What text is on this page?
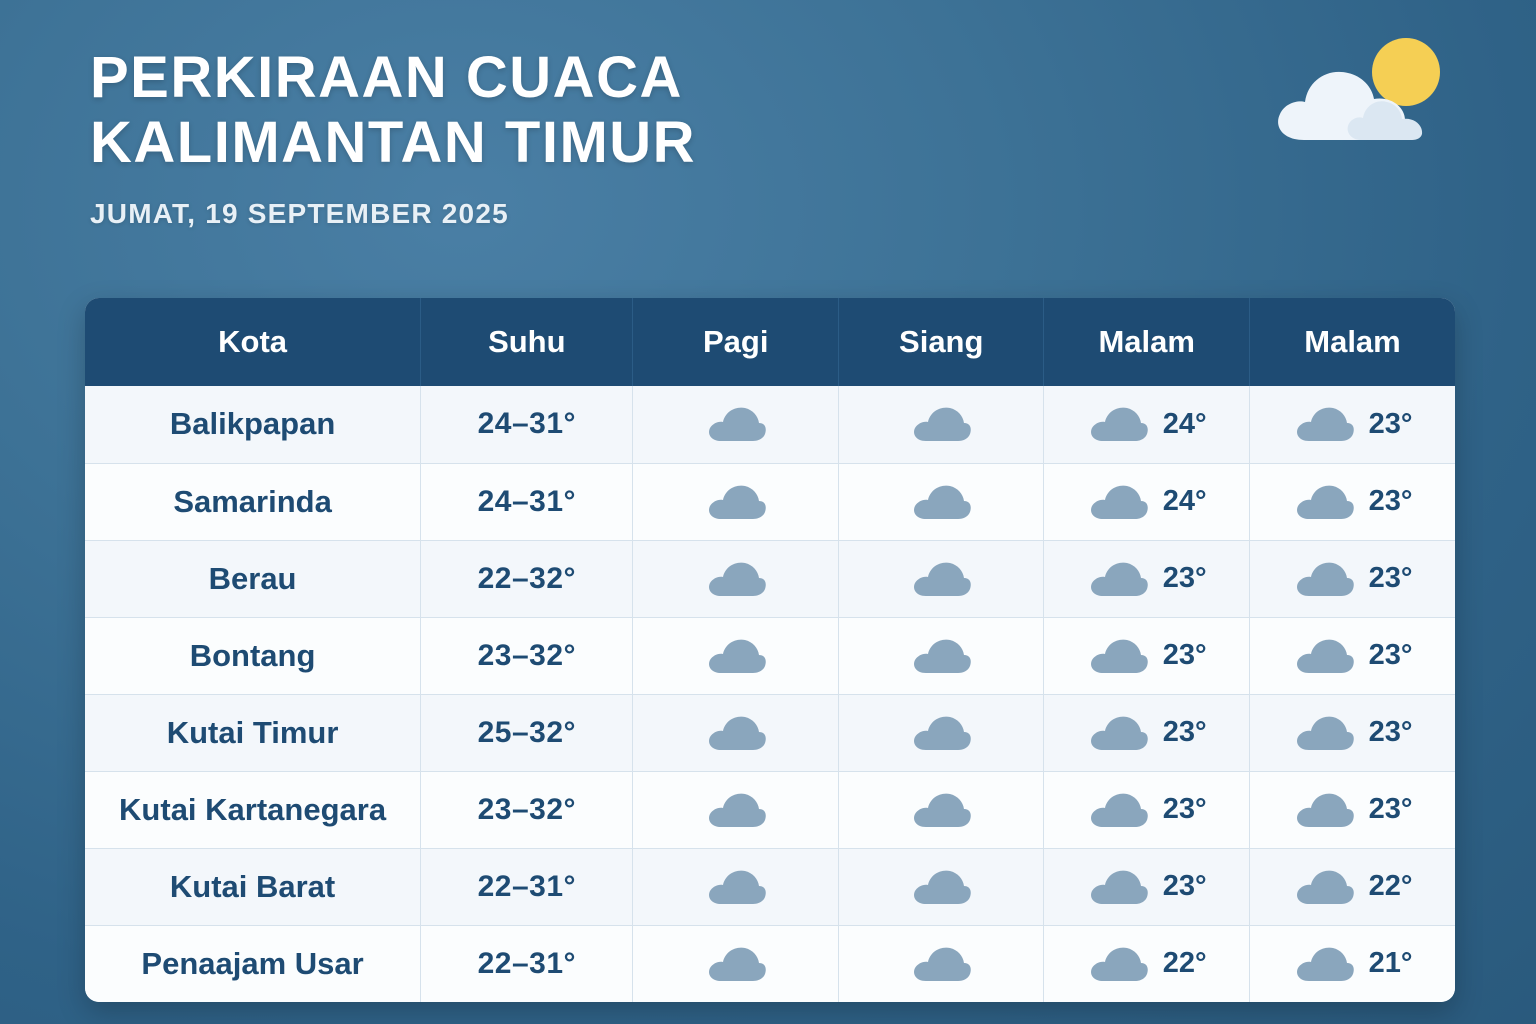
PERKIRAAN CUACA
KALIMANTAN TIMUR
JUMAT, 19 SEPTEMBER 2025
Kota	Suhu	Pagi	Siang	Malam	Malam
Balikpapan	24–31°			24°	23°

Samarinda	24–31°			24°	23°

Berau	22–32°			23°	23°

Bontang	23–32°			23°	23°

Kutai Timur	25–32°			23°	23°

Kutai Kartanegara	23–32°			23°	23°

Kutai Barat	22–31°			23°	22°

Penaajam Usar	22–31°			22°	21°
